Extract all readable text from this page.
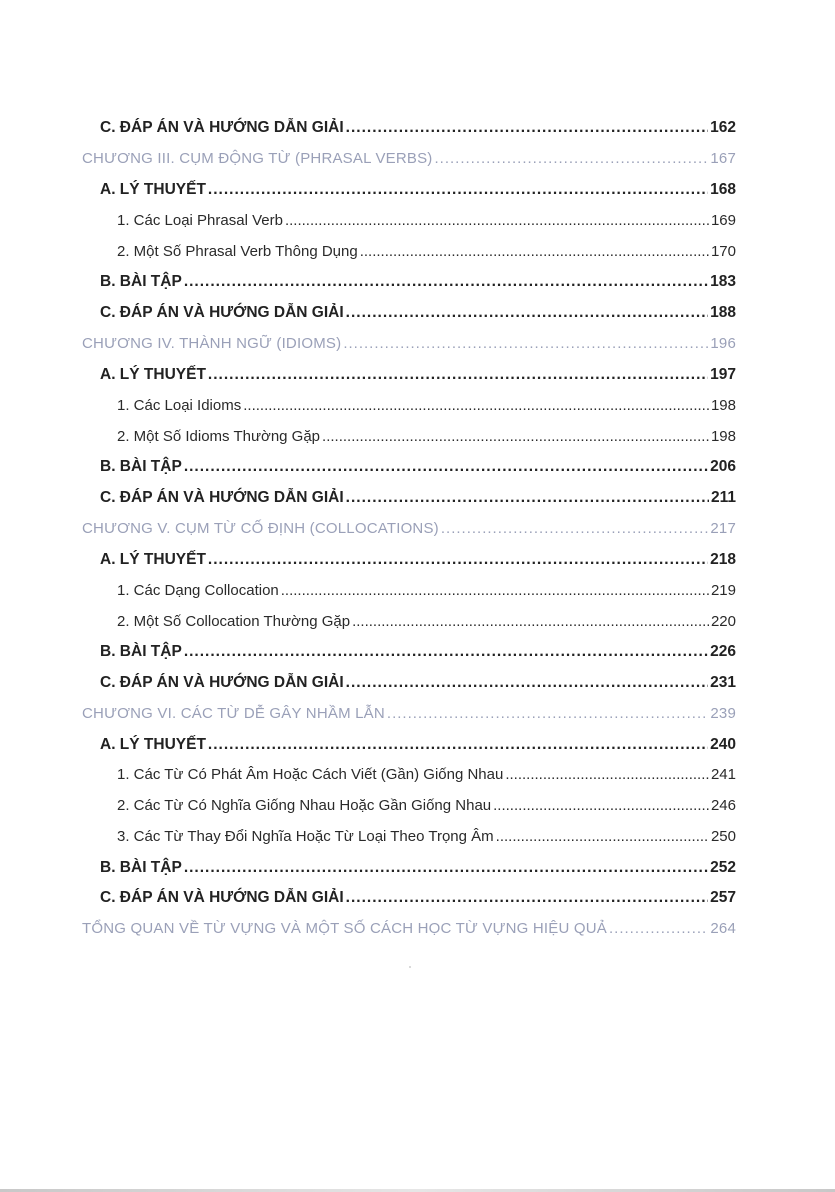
C. ĐÁP ÁN VÀ HƯỚNG DẪN GIẢI .....	162
CHƯƠNG III. CỤM ĐỘNG TỪ (PHRASAL VERBS) .....	167
A. LÝ THUYẾT .....	168
1. Các Loại Phrasal Verb .....	169
2. Một Số Phrasal Verb Thông Dụng .....	170
B. BÀI TẬP .....	183
C. ĐÁP ÁN VÀ HƯỚNG DẪN GIẢI .....	188
CHƯƠNG IV. THÀNH NGỮ (IDIOMS) .....	196
A. LÝ THUYẾT .....	197
1. Các Loại Idioms .....	198
2. Một Số Idioms Thường Gặp .....	198
B. BÀI TẬP .....	206
C. ĐÁP ÁN VÀ HƯỚNG DẪN GIẢI .....	211
CHƯƠNG V. CỤM TỪ CỐ ĐỊNH (COLLOCATIONS) .....	217
A. LÝ THUYẾT .....	218
1. Các Dạng Collocation .....	219
2. Một Số Collocation Thường Gặp .....	220
B. BÀI TẬP .....	226
C. ĐÁP ÁN VÀ HƯỚNG DẪN GIẢI .....	231
CHƯƠNG VI. CÁC TỪ DỄ GÂY NHẦM LẪN .....	239
A. LÝ THUYẾT .....	240
1. Các Từ Có Phát Âm Hoặc Cách Viết (Gần) Giống Nhau .....	241
2. Các Từ Có Nghĩa Giống Nhau Hoặc Gần Giống Nhau .....	246
3. Các Từ Thay Đổi Nghĩa Hoặc Từ Loại Theo Trọng Âm .....	250
B. BÀI TẬP .....	252
C. ĐÁP ÁN VÀ HƯỚNG DẪN GIẢI .....	257
TỔNG QUAN VỀ TỪ VỰNG VÀ MỘT SỐ CÁCH HỌC TỪ VỰNG HIỆU QUẢ .....	264
